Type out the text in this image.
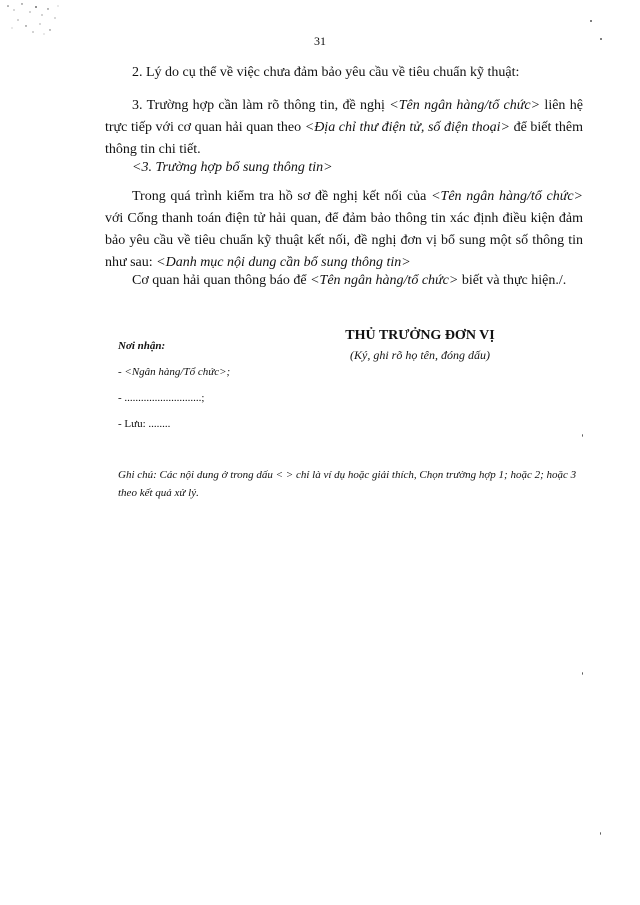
31

2. Lý do cụ thể về việc chưa đảm bảo yêu cầu về tiêu chuẩn kỹ thuật:

3. Trường hợp cần làm rõ thông tin, đề nghị <Tên ngân hàng/tổ chức> liên hệ trực tiếp với cơ quan hải quan theo <Địa chỉ thư điện tử, số điện thoại> để biết thêm thông tin chi tiết.

<3. Trường hợp bổ sung thông tin>

Trong quá trình kiểm tra hồ sơ đề nghị kết nối của <Tên ngân hàng/tổ chức> với Cổng thanh toán điện tử hải quan, để đảm bảo thông tin xác định điều kiện đảm bảo yêu cầu về tiêu chuẩn kỹ thuật kết nối, đề nghị đơn vị bổ sung một số thông tin như sau: <Danh mục nội dung cần bổ sung thông tin>

Cơ quan hải quan thông báo để <Tên ngân hàng/tổ chức> biết và thực hiện./.

Nơi nhận:
- <Ngân hàng/Tổ chức>;
- ............................;
- Lưu: ........
THỦ TRƯỞNG ĐƠN VỊ
(Ký, ghi rõ họ tên, đóng dấu)
Ghi chú: Các nội dung ở trong dấu < > chỉ là ví dụ hoặc giải thích, Chọn trường hợp 1; hoặc 2; hoặc 3 theo kết quả xử lý.
